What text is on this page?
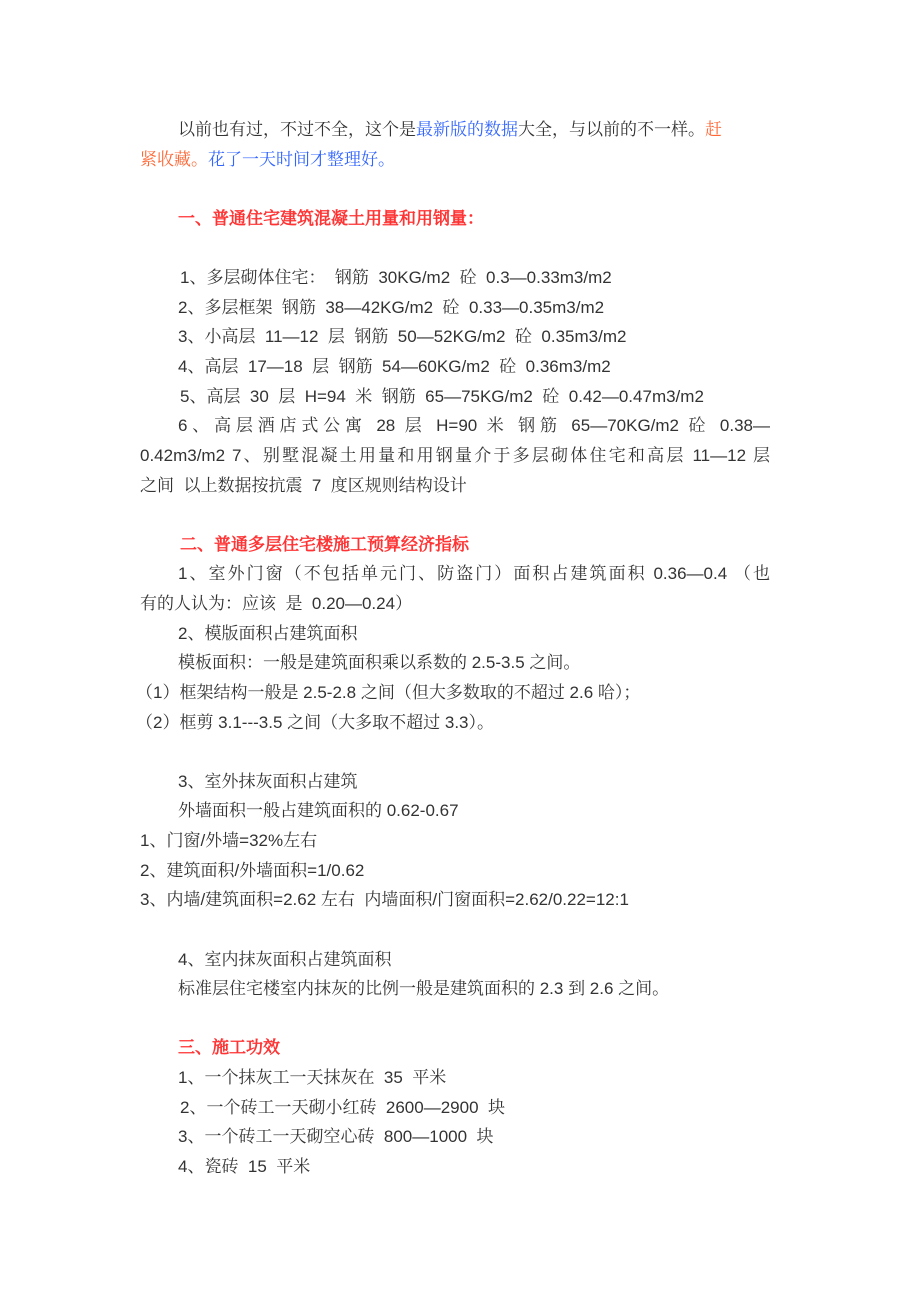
以前也有过，不过不全，这个是最新版的数据大全，与以前的不一样。赶
紧收藏。花了一天时间才整理好。
一、普通住宅建筑混凝土用量和用钢量：
1、多层砌体住宅：  钢筋  30KG/m2  砼  0.3—0.33m3/m2
2、多层框架  钢筋  38—42KG/m2  砼  0.33—0.35m3/m2
3、小高层  11—12  层  钢筋  50—52KG/m2  砼  0.35m3/m2
4、高层  17—18  层  钢筋  54—60KG/m2  砼  0.36m3/m2
5、高层  30  层  H=94  米  钢筋  65—75KG/m2  砼  0.42—0.47m3/m2
6、高层酒店式公寓 28 层 H=90 米 钢筋 65—70KG/m2 砼 0.38—
0.42m3/m2 7、别墅混凝土用量和用钢量介于多层砌体住宅和高层 11—12 层
之间  以上数据按抗震  7  度区规则结构设计
二、普通多层住宅楼施工预算经济指标
1、室外门窗（不包括单元门、防盗门）面积占建筑面积 0.36—0.4 （也
有的人认为：应该  是  0.20—0.24）
2、模版面积占建筑面积
模板面积：一般是建筑面积乘以系数的 2.5-3.5 之间。
（1）框架结构一般是 2.5-2.8 之间（但大多数取的不超过 2.6 哈）；
（2）框剪 3.1---3.5 之间（大多取不超过 3.3）。
3、室外抹灰面积占建筑
外墙面积一般占建筑面积的 0.62-0.67
1、门窗/外墙=32%左右
2、建筑面积/外墙面积=1/0.62
3、内墙/建筑面积=2.62 左右  内墙面积/门窗面积=2.62/0.22=12:1
4、室内抹灰面积占建筑面积
标准层住宅楼室内抹灰的比例一般是建筑面积的 2.3 到 2.6 之间。
三、施工功效
1、一个抹灰工一天抹灰在  35  平米
2、一个砖工一天砌小红砖  2600—2900  块
3、一个砖工一天砌空心砖  800—1000  块
4、瓷砖  15  平米
